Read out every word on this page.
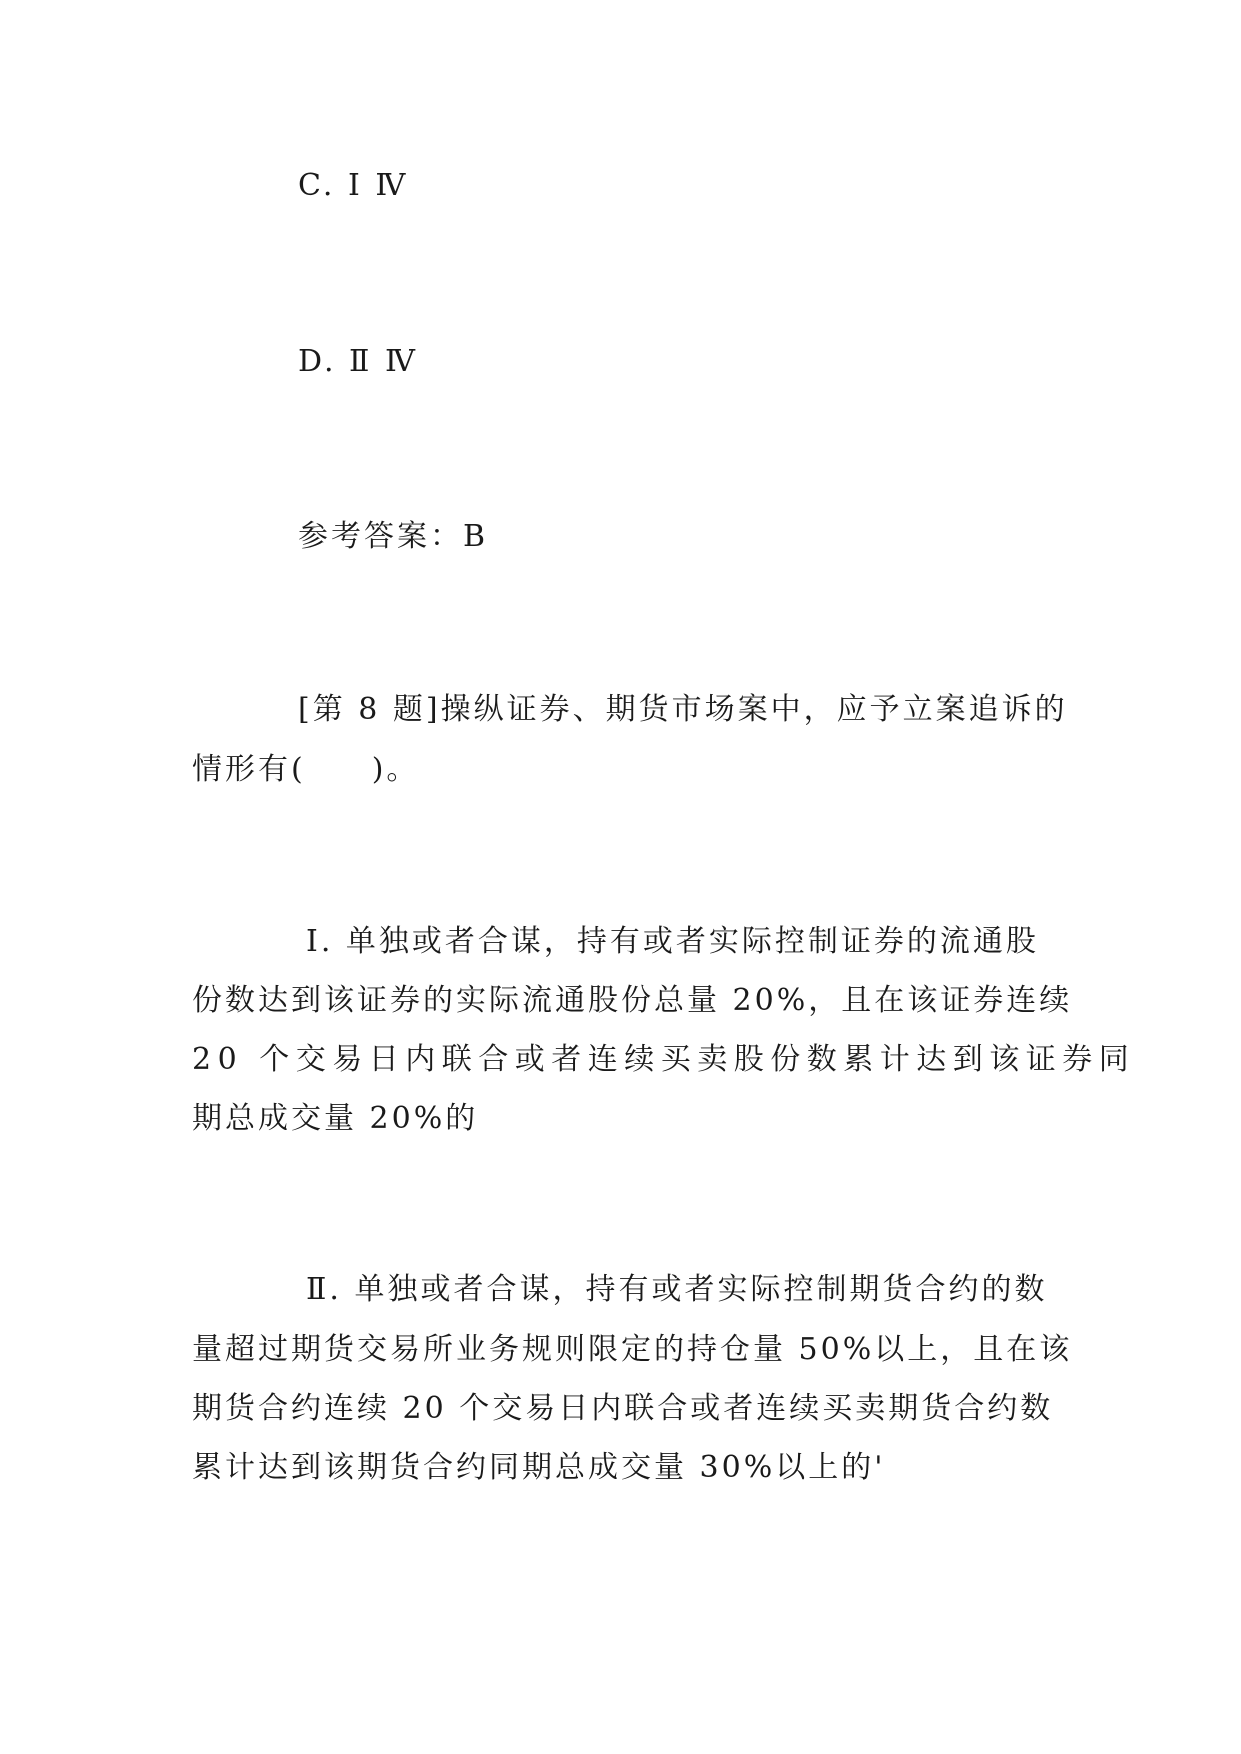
C. Ⅰ Ⅳ
D. Ⅱ Ⅳ
参考答案：B
[第 8 题]操纵证券、期货市场案中，应予立案追诉的
情形有(　　)。
Ⅰ. 单独或者合谋，持有或者实际控制证券的流通股
份数达到该证券的实际流通股份总量 20%，且在该证券连续
20 个交易日内联合或者连续买卖股份数累计达到该证券同
期总成交量 20%的
Ⅱ. 单独或者合谋，持有或者实际控制期货合约的数
量超过期货交易所业务规则限定的持仓量 50%以上，且在该
期货合约连续 20 个交易日内联合或者连续买卖期货合约数
累计达到该期货合约同期总成交量 30%以上的'
